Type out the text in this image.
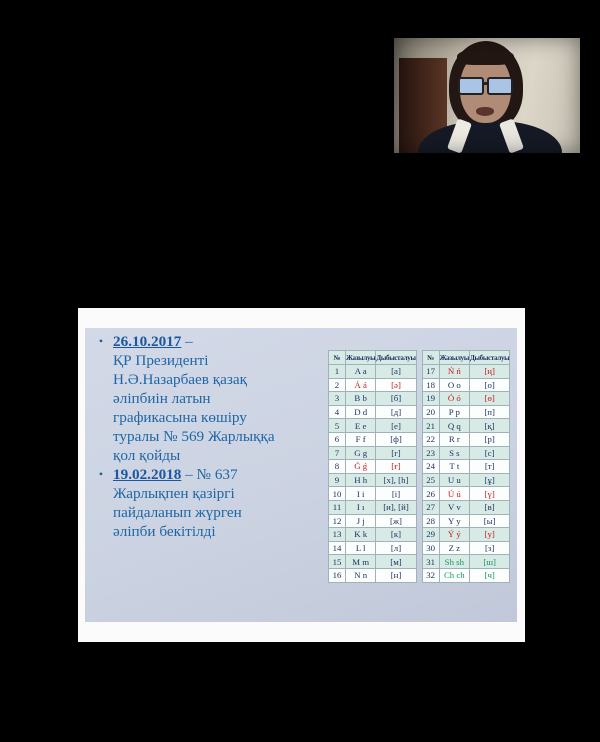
• 26.10.2017 –
ҚР Президенті
Н.Ә.Назарбаев қазақ
әліпбиін латын
графикасына көшіру
туралы № 569 Жарлыққа
қол қойды
• 19.02.2018 – № 637
Жарлықпен қазіргі
пайдаланып жүрген
әліпби бекітілді
№	Жазылуы	Дыбысталуы
1	A a	[а]
2	Á á	[ә]
3	B b	[б]
4	D d	[д]
5	E e	[е]
6	F f	[ф]
7	G g	[г]
8	Ǵ ǵ	[ғ]
9	H h	[х], [h]
10	I i	[і]
11	I ı	[и], [й]
12	J j	[ж]
13	K k	[к]
14	L l	[л]
15	M m	[м]
16	N n	[н]
№	Жазылуы	Дыбысталуы
17	Ń ń	[ң]
18	O o	[о]
19	Ó ó	[ө]
20	P p	[п]
21	Q q	[қ]
22	R r	[р]
23	S s	[с]
24	T t	[т]
25	U u	[ұ]
26	Ú ú	[ү]
27	V v	[в]
28	Y y	[ы]
29	Ý ý	[у]
30	Z z	[з]
31	Sh sh	[ш]
32	Ch ch	[ч]
